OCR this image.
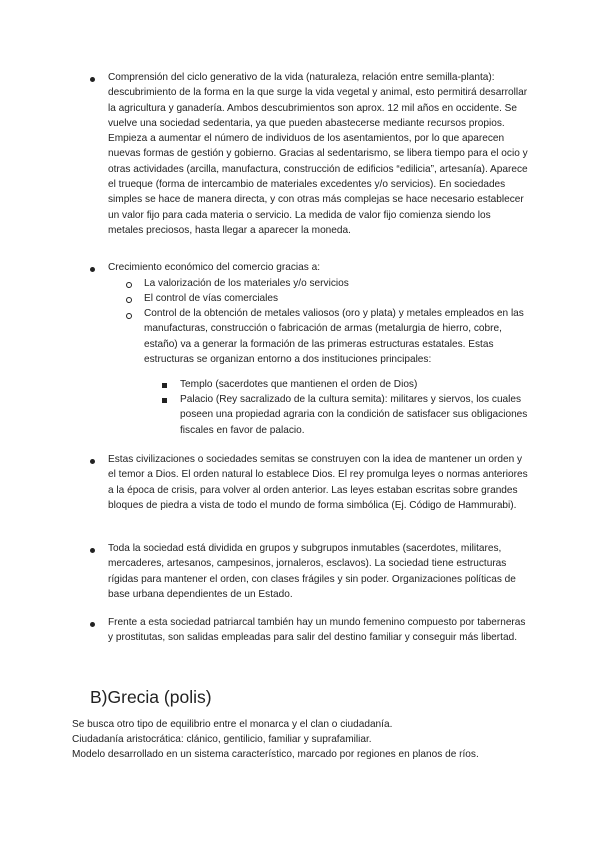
Comprensión del ciclo generativo de la vida (naturaleza, relación entre semilla-planta): descubrimiento de la forma en la que surge la vida vegetal y animal, esto permitirá desarrollar la agricultura y ganadería. Ambos descubrimientos son aprox. 12 mil años en occidente. Se vuelve una sociedad sedentaria, ya que pueden abastecerse mediante recursos propios. Empieza a aumentar el número de individuos de los asentamientos, por lo que aparecen nuevas formas de gestión y gobierno. Gracias al sedentarismo, se libera tiempo para el ocio y otras actividades (arcilla, manufactura, construcción de edificios “edilicia”, artesanía). Aparece el trueque (forma de intercambio de materiales excedentes y/o servicios). En sociedades simples se hace de manera directa, y con otras más complejas se hace necesario establecer un valor fijo para cada materia o servicio. La medida de valor fijo comienza siendo los metales preciosos, hasta llegar a aparecer la moneda.
Crecimiento económico del comercio gracias a:
La valorización de los materiales y/o servicios
El control de vías comerciales
Control de la obtención de metales valiosos (oro y plata) y metales empleados en las manufacturas, construcción o fabricación de armas (metalurgia de hierro, cobre, estaño) va a generar la formación de las primeras estructuras estatales. Estas estructuras se organizan entorno a dos instituciones principales:
Templo (sacerdotes que mantienen el orden de Dios)
Palacio (Rey sacralizado de la cultura semita): militares y siervos, los cuales poseen una propiedad agraria con la condición de satisfacer sus obligaciones fiscales en favor de palacio.
Estas civilizaciones o sociedades semitas se construyen con la idea de mantener un orden y el temor a Dios. El orden natural lo establece Dios. El rey promulga leyes o normas anteriores a la época de crisis, para volver al orden anterior. Las leyes estaban escritas sobre grandes bloques de piedra a vista de todo el mundo de forma simbólica (Ej. Código de Hammurabi).
Toda la sociedad está dividida en grupos y subgrupos inmutables (sacerdotes, militares, mercaderes, artesanos, campesinos, jornaleros, esclavos). La sociedad tiene estructuras rígidas para mantener el orden, con clases frágiles y sin poder. Organizaciones políticas de base urbana dependientes de un Estado.
Frente a esta sociedad patriarcal también hay un mundo femenino compuesto por taberneras y prostitutas, son salidas empleadas para salir del destino familiar y conseguir más libertad.
B)Grecia (polis)
Se busca otro tipo de equilibrio entre el monarca y el clan o ciudadanía.
Ciudadanía aristocrática: clánico, gentilicio, familiar y suprafamiliar.
Modelo desarrollado en un sistema característico, marcado por regiones en planos de ríos.
